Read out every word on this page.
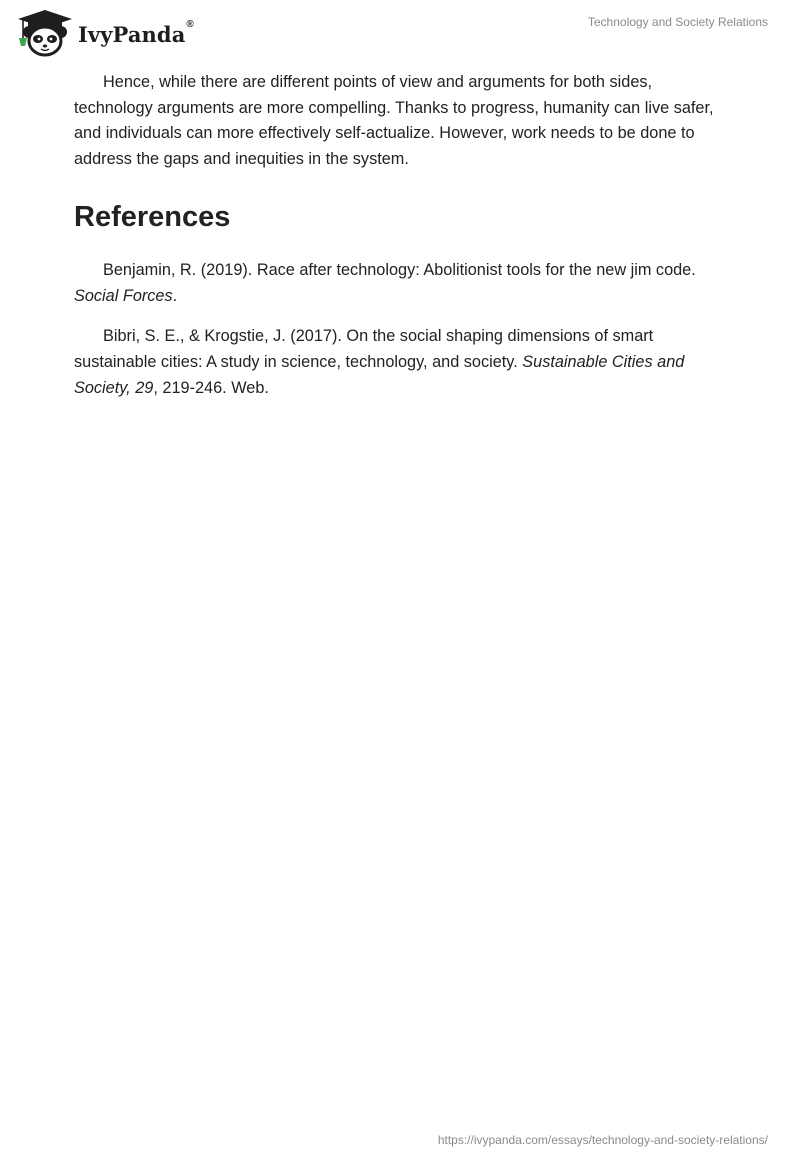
IvyPanda ®	Technology and Society Relations

Hence, while there are different points of view and arguments for both sides, technology arguments are more compelling. Thanks to progress, humanity can live safer, and individuals can more effectively self-actualize. However, work needs to be done to address the gaps and inequities in the system.

References

Benjamin, R. (2019). Race after technology: Abolitionist tools for the new jim code. Social Forces.

Bibri, S. E., & Krogstie, J. (2017). On the social shaping dimensions of smart sustainable cities: A study in science, technology, and society. Sustainable Cities and Society, 29, 219-246. Web.

https://ivypanda.com/essays/technology-and-society-relations/
